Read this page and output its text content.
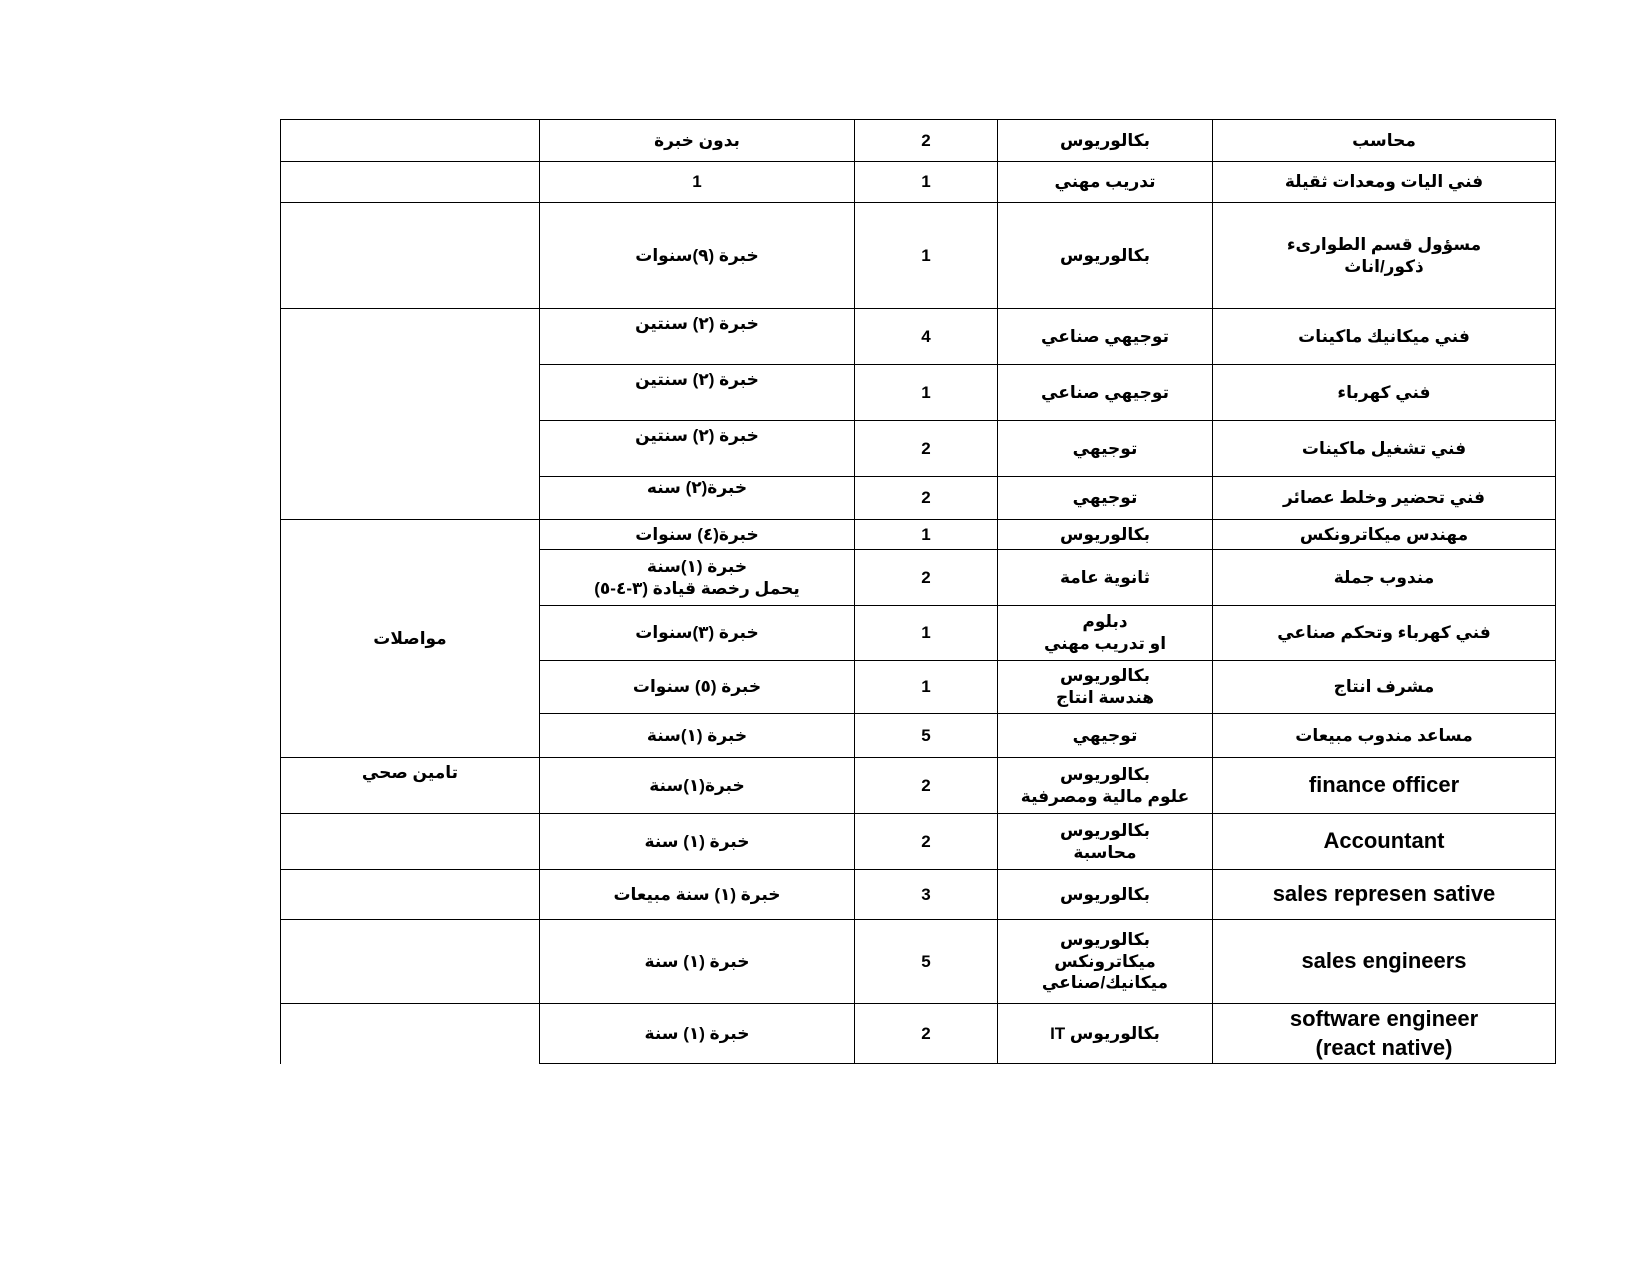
	بدون خبرة	2	بكالوريوس	محاسب

	1	1	تدريب مهني	فني اليات ومعدات ثقيلة

	خبرة (٩)سنوات	1	بكالوريوس	مسؤول قسم الطوارىء
ذكور/اناث

	خبرة (٢) سنتين	4	توجيهي صناعي	فني ميكانيك ماكينات

	خبرة (٢) سنتين	1	توجيهي صناعي	فني كهرباء

	خبرة (٢) سنتين	2	توجيهي	فني تشغيل ماكينات

	خبرة(٢) سنه	2	توجيهي	فني تحضير وخلط عصائر

مواصلات	خبرة(٤) سنوات	1	بكالوريوس	مهندس ميكاترونكس

	خبرة (١)سنة
يحمل رخصة قيادة (٣-٤-٥)	2	ثانوية عامة	مندوب جملة

	خبرة (٣)سنوات	1	دبلوم
او تدريب مهني	فني كهرباء وتحكم صناعي

	خبرة (٥) سنوات	1	بكالوريوس
هندسة انتاج	مشرف انتاج

	خبرة (١)سنة	5	توجيهي	مساعد مندوب مبيعات

تامين صحي	خبرة(١)سنة	2	بكالوريوس
علوم مالية ومصرفية	finance officer

	خبرة (١) سنة	2	بكالوريوس
محاسبة	Accountant

	خبرة (١) سنة مبيعات	3	بكالوريوس	sales represen sative

	خبرة (١) سنة	5	بكالوريوس
ميكاترونكس
ميكانيك/صناعي	sales engineers

	خبرة (١) سنة	2	بكالوريوس IT	software engineer
(react native)
